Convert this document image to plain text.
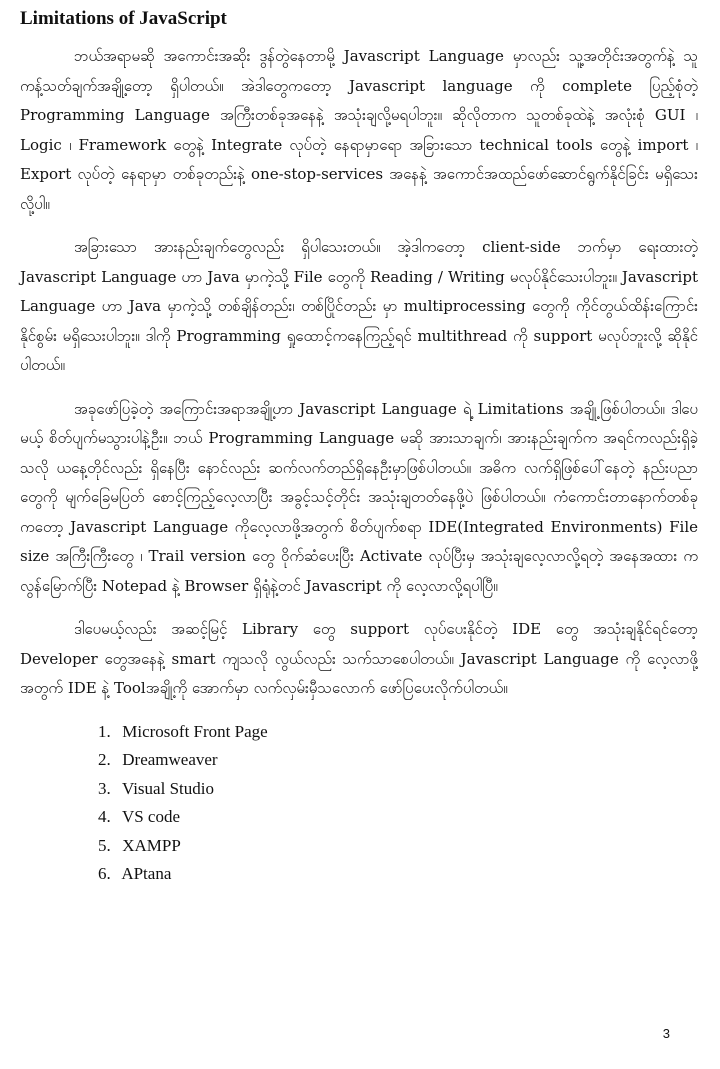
Limitations of JavaScript

ဘယ်အရာမဆို အကောင်းအဆိုး ဒွန်တွဲနေတာမို့ Javascript Language မှာလည်း သူ့အတိုင်းအတွက်နဲ့ သူ ကန့်သတ်ချက်အချို့တော့ ရှိပါတယ်။ အဲဒါတွေကတော့ Javascript language ကို complete ပြည့်စုံတဲ့ Programming Language အကြီးတစ်ခုအနေနဲ့ အသုံးချလို့မရပါဘူး။ ဆိုလိုတာက သူတစ်ခုထဲနဲ့ အလုံးစုံ GUI ၊ Logic ၊ Framework တွေနဲ့ Integrate လုပ်တဲ့ နေရာမှာရော အခြားသော technical tools တွေနဲ့ import ၊ Export လုပ်တဲ့ နေရာမှာ တစ်ခုတည်းနဲ့ one-stop-services အနေနဲ့ အကောင်အထည်ဖော်ဆောင်ရွက်နိုင်ခြင်း မရှိသေးလို့ပါ။

အခြားသော အားနည်းချက်တွေလည်း ရှိပါသေးတယ်။ အဲ့ဒါကတော့ client-side ဘက်မှာ ရေးထားတဲ့ Javascript Language ဟာ Java မှာကဲ့သို့ File တွေကို Reading / Writing မလုပ်နိုင်သေးပါဘူး။ Javascript Language ဟာ Java မှာကဲ့သို့ တစ်ချိန်တည်း၊ တစ်ပြိုင်တည်း မှာ multiprocessing တွေကို ကိုင်တွယ်ထိန်းကြောင်းနိုင်စွမ်း မရှိသေးပါဘူး။ ဒါကို Programming ရှုထောင့်ကနေကြည့်ရင် multithread ကို support မလုပ်ဘူးလို့ ဆိုနိုင်ပါတယ်။

အခုဖော်ပြခဲ့တဲ့ အကြောင်းအရာအချို့ဟာ Javascript Language ရဲ့ Limitations အချို့ဖြစ်ပါတယ်။ ဒါပေမယ့် စိတ်ပျက်မသွားပါနဲ့ဦး။ ဘယ် Programming Language မဆို အားသာချက်၊ အားနည်းချက်က အရင်ကလည်းရှိခဲ့သလို ယနေ့တိုင်လည်း ရှိနေပြီး နောင်လည်း ဆက်လက်တည်ရှိနေဦးမှာဖြစ်ပါတယ်။ အဓိက လက်ရှိဖြစ်ပေါ်နေတဲ့ နည်းပညာတွေကို မျက်ခြေမပြတ် စောင့်ကြည့်လေ့လာပြီး အခွင့်သင့်တိုင်း အသုံးချတတ်နေဖို့ပဲ ဖြစ်ပါတယ်။ ကံကောင်းတာနောက်တစ်ခုကတော့ Javascript Language ကိုလေ့လာဖို့အတွက် စိတ်ပျက်စရာ IDE(Integrated Environments) File size အကြီးကြီးတွေ ၊ Trail version တွေ ဝိုက်ဆံပေးပြီး Activate လုပ်ပြီးမှ အသုံးချလေ့လာလို့ရတဲ့ အနေအထား ကလွန်မြောက်ပြီး Notepad နဲ့ Browser ရှိရုံနဲ့တင် Javascript ကို လေ့လာလို့ရပါပြီ။

ဒါပေမယ့်လည်း အဆင့်မြင့် Library တွေ support လုပ်ပေးနိုင်တဲ့ IDE တွေ အသုံးချနိုင်ရင်တော့ Developer တွေအနေနဲ့ smart ကျသလို လွယ်လည်း သက်သာစေပါတယ်။ Javascript Language ကို လေ့လာဖို့အတွက် IDE နဲ့ Toolအချို့ကို အောက်မှာ လက်လှမ်းမှီသလောက် ဖော်ပြပေးလိုက်ပါတယ်။

1. Microsoft Front Page
2. Dreamweaver
3. Visual Studio
4. VS code
5. XAMPP
6. APtana
3
